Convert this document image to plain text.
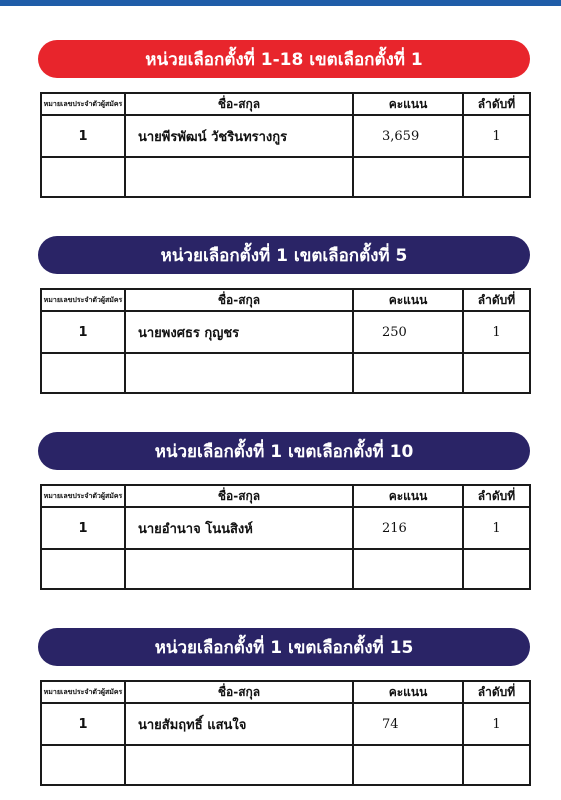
หน่วยเลือกตั้งที่ 1-18 เขตเลือกตั้งที่ 1
หมายเลขประจำตัวผู้สมัคร	ชื่อ-สกุล	คะแนน	ลำดับที่
1	นายพีรพัฒน์ วัชรินทรางกูร	3,659	1

หน่วยเลือกตั้งที่ 1 เขตเลือกตั้งที่ 5
หมายเลขประจำตัวผู้สมัคร	ชื่อ-สกุล	คะแนน	ลำดับที่
1	นายพงศธร กุญชร	250	1

หน่วยเลือกตั้งที่ 1 เขตเลือกตั้งที่ 10
หมายเลขประจำตัวผู้สมัคร	ชื่อ-สกุล	คะแนน	ลำดับที่
1	นายอำนาจ โนนสิงห์	216	1

หน่วยเลือกตั้งที่ 1 เขตเลือกตั้งที่ 15
หมายเลขประจำตัวผู้สมัคร	ชื่อ-สกุล	คะแนน	ลำดับที่
1	นายสัมฤทธิ์ แสนใจ	74	1
